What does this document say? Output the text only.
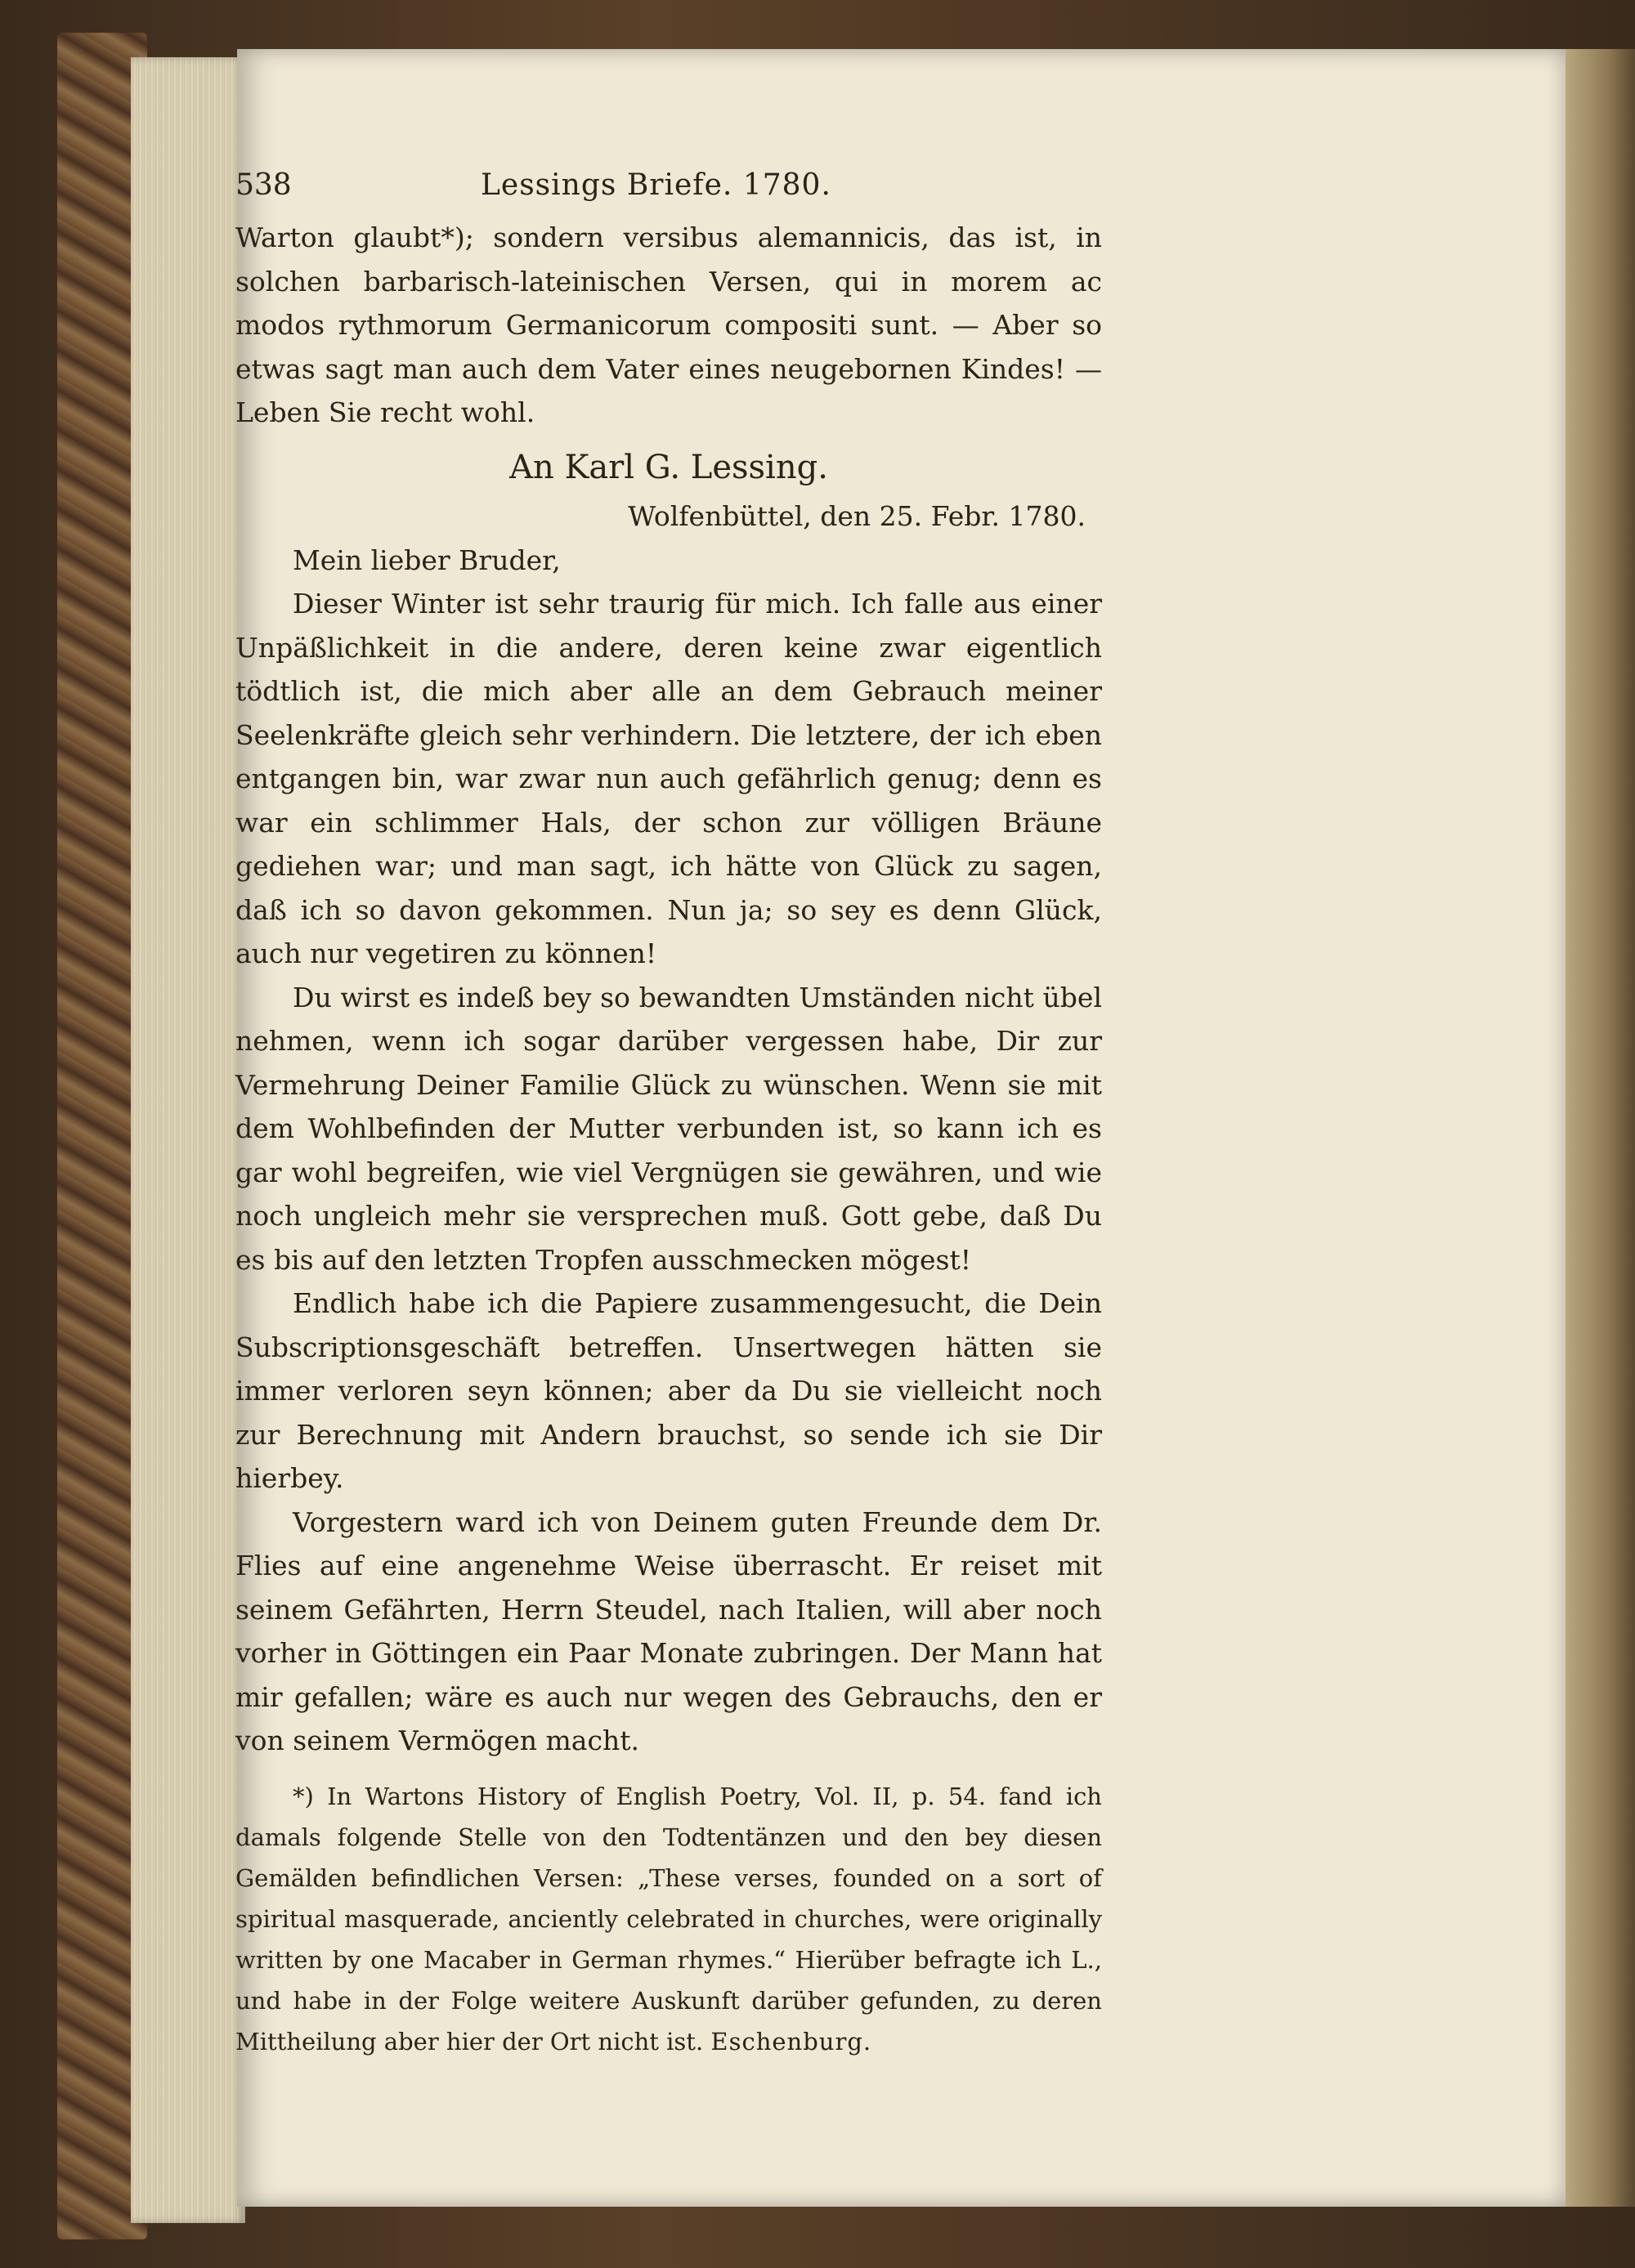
538	Lessings Briefe. 1780.

Warton glaubt*); sondern versibus alemannicis, das ist, in solchen barbarisch-lateinischen Versen, qui in morem ac modos rythmorum Germanicorum compositi sunt. — Aber so etwas sagt man auch dem Vater eines neugebornen Kindes! — Leben Sie recht wohl.

An Karl G. Lessing.

Wolfenbüttel, den 25. Febr. 1780.

Mein lieber Bruder,

Dieser Winter ist sehr traurig für mich. Ich falle aus einer Unpäßlichkeit in die andere, deren keine zwar eigentlich tödtlich ist, die mich aber alle an dem Gebrauch meiner Seelenkräfte gleich sehr verhindern. Die letztere, der ich eben entgangen bin, war zwar nun auch gefährlich genug; denn es war ein schlimmer Hals, der schon zur völligen Bräune gediehen war; und man sagt, ich hätte von Glück zu sagen, daß ich so davon gekommen. Nun ja; so sey es denn Glück, auch nur vegetiren zu können!

Du wirst es indeß bey so bewandten Umständen nicht übel nehmen, wenn ich sogar darüber vergessen habe, Dir zur Vermehrung Deiner Familie Glück zu wünschen. Wenn sie mit dem Wohlbefinden der Mutter verbunden ist, so kann ich es gar wohl begreifen, wie viel Vergnügen sie gewähren, und wie noch ungleich mehr sie versprechen muß. Gott gebe, daß Du es bis auf den letzten Tropfen ausschmecken mögest!

Endlich habe ich die Papiere zusammengesucht, die Dein Subscriptionsgeschäft betreffen. Unsertwegen hätten sie immer verloren seyn können; aber da Du sie vielleicht noch zur Berechnung mit Andern brauchst, so sende ich sie Dir hierbey.

Vorgestern ward ich von Deinem guten Freunde dem Dr. Flies auf eine angenehme Weise überrascht. Er reiset mit seinem Gefährten, Herrn Steudel, nach Italien, will aber noch vorher in Göttingen ein Paar Monate zubringen. Der Mann hat mir gefallen; wäre es auch nur wegen des Gebrauchs, den er von seinem Vermögen macht.

*) In Wartons History of English Poetry, Vol. II, p. 54. fand ich damals folgende Stelle von den Todtentänzen und den bey diesen Gemälden befindlichen Versen: „These verses, founded on a sort of spiritual masquerade, anciently celebrated in churches, were originally written by one Macaber in German rhymes.“ Hierüber befragte ich L., und habe in der Folge weitere Auskunft darüber gefunden, zu deren Mittheilung aber hier der Ort nicht ist. Eschenburg.
